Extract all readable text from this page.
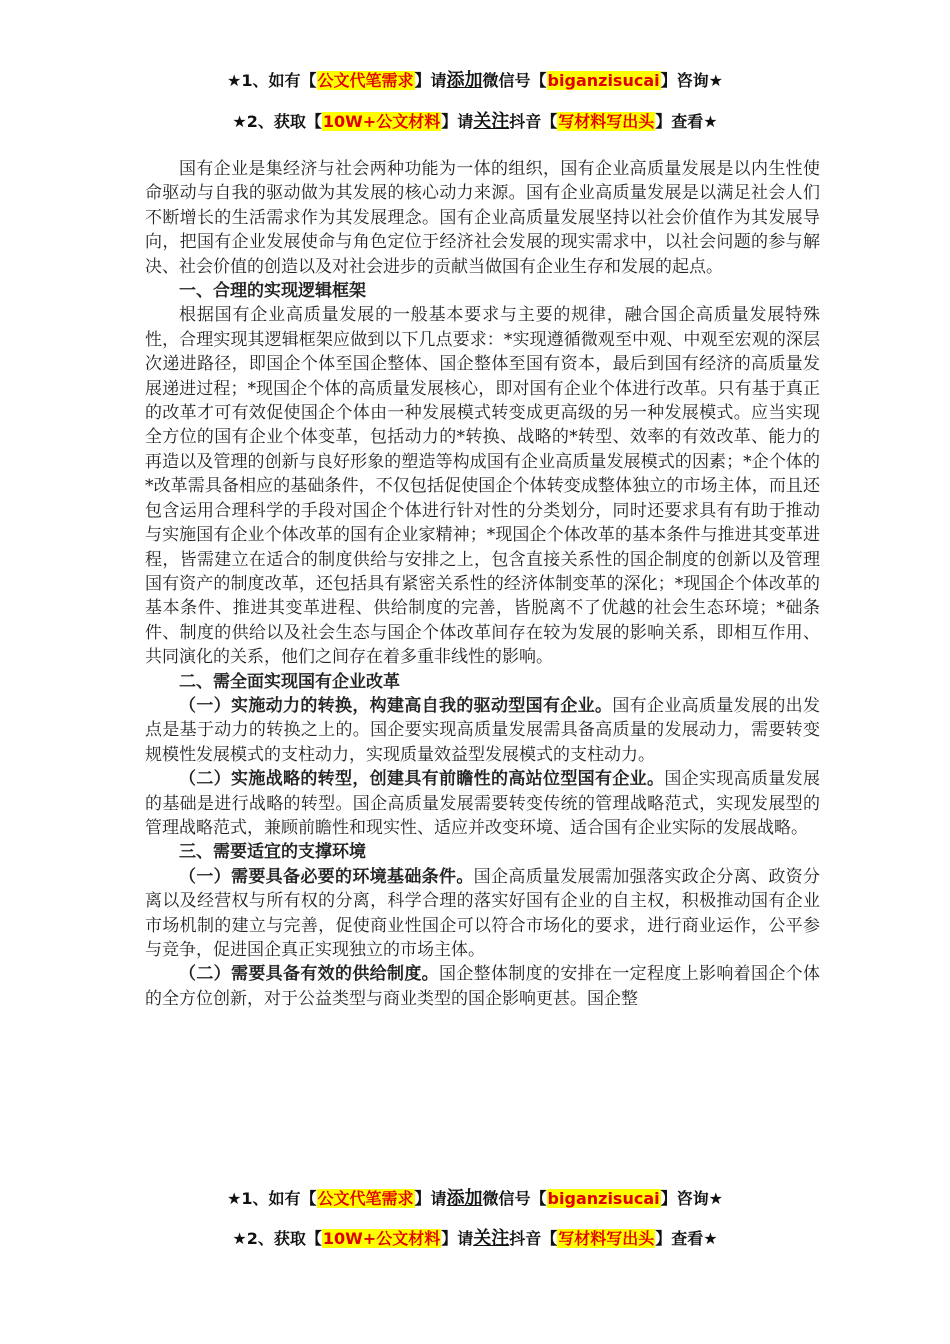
★1、如有【公文代笔需求】请添加微信号【biganzisucai】咨询★
★2、获取【10W+公文材料】请关注抖音【写材料写出头】查看★

国有企业是集经济与社会两种功能为一体的组织，国有企业高质量发展是以内生性使命驱动与自我的驱动做为其发展的核心动力来源。国有企业高质量发展是以满足社会人们不断增长的生活需求作为其发展理念。国有企业高质量发展坚持以社会价值作为其发展导向，把国有企业发展使命与角色定位于经济社会发展的现实需求中，以社会问题的参与解决、社会价值的创造以及对社会进步的贡献当做国有企业生存和发展的起点。

一、合理的实现逻辑框架

根据国有企业高质量发展的一般基本要求与主要的规律，融合国企高质量发展特殊性，合理实现其逻辑框架应做到以下几点要求：*实现遵循微观至中观、中观至宏观的深层次递进路径，即国企个体至国企整体、国企整体至国有资本，最后到国有经济的高质量发展递进过程；*现国企个体的高质量发展核心，即对国有企业个体进行改革。只有基于真正的改革才可有效促使国企个体由一种发展模式转变成更高级的另一种发展模式。应当实现全方位的国有企业个体变革，包括动力的*转换、战略的*转型、效率的有效改革、能力的再造以及管理的创新与良好形象的塑造等构成国有企业高质量发展模式的因素；*企个体的*改革需具备相应的基础条件，不仅包括促使国企个体转变成整体独立的市场主体，而且还包含运用合理科学的手段对国企个体进行针对性的分类划分，同时还要求具有有助于推动与实施国有企业个体改革的国有企业家精神；*现国企个体改革的基本条件与推进其变革进程，皆需建立在适合的制度供给与安排之上，包含直接关系性的国企制度的创新以及管理国有资产的制度改革，还包括具有紧密关系性的经济体制变革的深化；*现国企个体改革的基本条件、推进其变革进程、供给制度的完善，皆脱离不了优越的社会生态环境；*础条件、制度的供给以及社会生态与国企个体改革间存在较为发展的影响关系，即相互作用、共同演化的关系，他们之间存在着多重非线性的影响。

二、需全面实现国有企业改革

（一）实施动力的转换，构建高自我的驱动型国有企业。国有企业高质量发展的出发点是基于动力的转换之上的。国企要实现高质量发展需具备高质量的发展动力，需要转变规模性发展模式的支柱动力，实现质量效益型发展模式的支柱动力。

（二）实施战略的转型，创建具有前瞻性的高站位型国有企业。国企实现高质量发展的基础是进行战略的转型。国企高质量发展需要转变传统的管理战略范式，实现发展型的管理战略范式，兼顾前瞻性和现实性、适应并改变环境、适合国有企业实际的发展战略。

三、需要适宜的支撑环境

（一）需要具备必要的环境基础条件。国企高质量发展需加强落实政企分离、政资分离以及经营权与所有权的分离，科学合理的落实好国有企业的自主权，积极推动国有企业市场机制的建立与完善，促使商业性国企可以符合市场化的要求，进行商业运作，公平参与竞争，促进国企真正实现独立的市场主体。

（二）需要具备有效的供给制度。国企整体制度的安排在一定程度上影响着国企个体的全方位创新，对于公益类型与商业类型的国企影响更甚。国企整

★1、如有【公文代笔需求】请添加微信号【biganzisucai】咨询★
★2、获取【10W+公文材料】请关注抖音【写材料写出头】查看★
